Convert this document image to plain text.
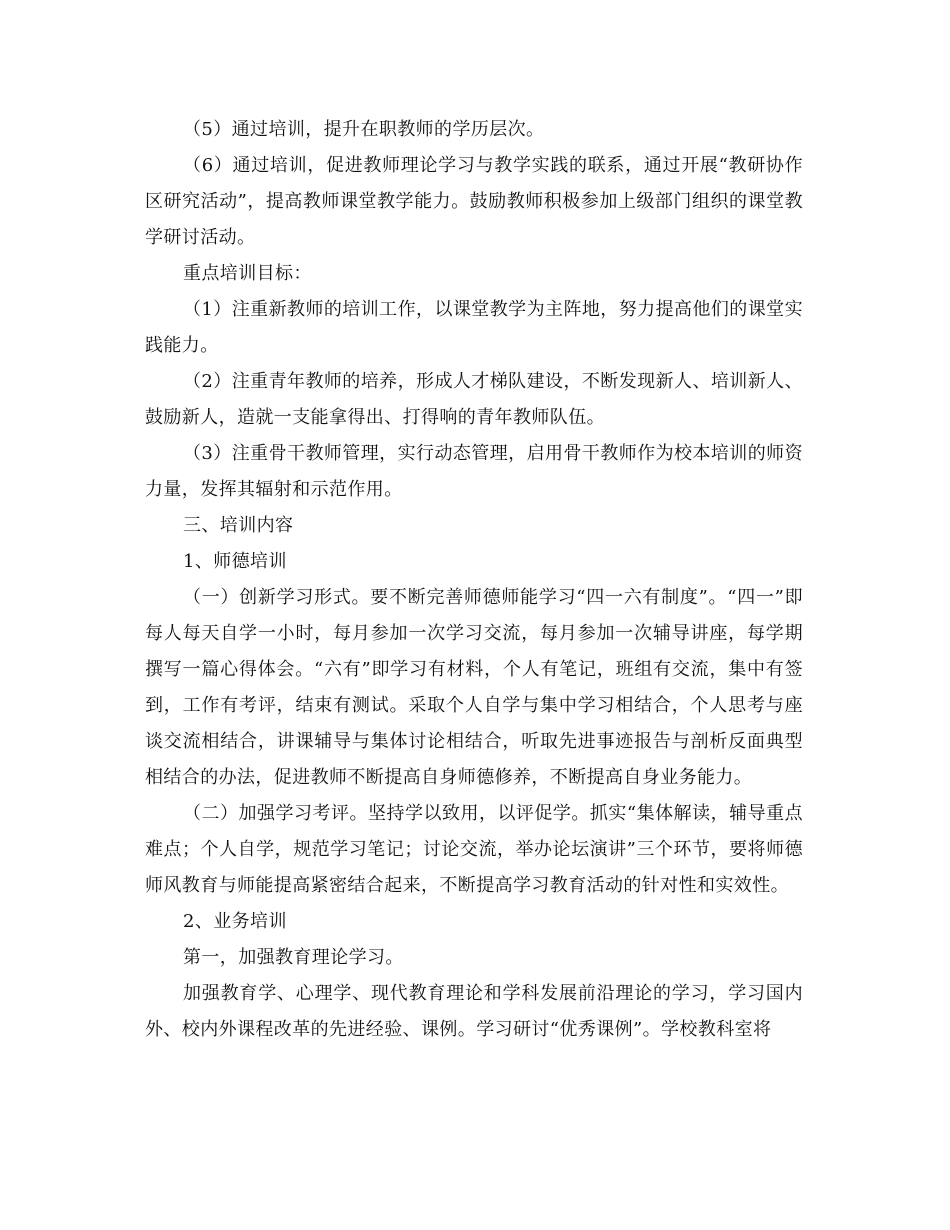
（5）通过培训，提升在职教师的学历层次。

（6）通过培训，促进教师理论学习与教学实践的联系，通过开展“教研协作区研究活动”，提高教师课堂教学能力。鼓励教师积极参加上级部门组织的课堂教学研讨活动。

重点培训目标：

（1）注重新教师的培训工作，以课堂教学为主阵地，努力提高他们的课堂实践能力。

（2）注重青年教师的培养，形成人才梯队建设，不断发现新人、培训新人、鼓励新人，造就一支能拿得出、打得响的青年教师队伍。

（3）注重骨干教师管理，实行动态管理，启用骨干教师作为校本培训的师资力量，发挥其辐射和示范作用。

三、培训内容

1、师德培训

（一）创新学习形式。要不断完善师德师能学习“四一六有制度”。“四一”即每人每天自学一小时，每月参加一次学习交流，每月参加一次辅导讲座，每学期撰写一篇心得体会。“六有”即学习有材料，个人有笔记，班组有交流，集中有签到，工作有考评，结束有测试。采取个人自学与集中学习相结合，个人思考与座谈交流相结合，讲课辅导与集体讨论相结合，听取先进事迹报告与剖析反面典型相结合的办法，促进教师不断提高自身师德修养，不断提高自身业务能力。

（二）加强学习考评。坚持学以致用，以评促学。抓实“集体解读，辅导重点难点；个人自学，规范学习笔记；讨论交流，举办论坛演讲”三个环节，要将师德师风教育与师能提高紧密结合起来，不断提高学习教育活动的针对性和实效性。

2、业务培训

第一，加强教育理论学习。

加强教育学、心理学、现代教育理论和学科发展前沿理论的学习，学习国内外、校内外课程改革的先进经验、课例。学习研讨“优秀课例”。学校教科室将
